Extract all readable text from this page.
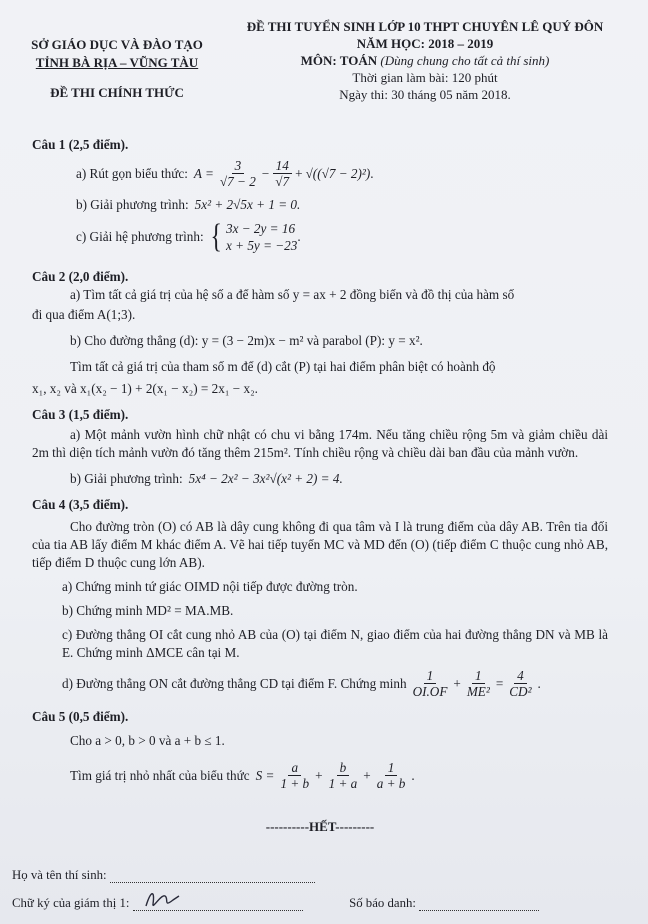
SỞ GIÁO DỤC VÀ ĐÀO TẠO
TỈNH BÀ RỊA – VŨNG TÀU
ĐỀ THI CHÍNH THỨC
ĐỀ THI TUYỂN SINH LỚP 10 THPT CHUYÊN LÊ QUÝ ĐÔN
NĂM HỌC: 2018 – 2019
MÔN: TOÁN (Dùng chung cho tất cả thí sinh)
Thời gian làm bài: 120 phút
Ngày thi: 30 tháng 05 năm 2018.

Câu 1 (2,5 điểm).

a) Rút gọn biểu thức: $A = \frac{3}{√7 - 2} - \frac{14}{√7} + √((√7 - 2)^2)$ .
b) Giải phương trình: 5x² + 2√5x + 1 = 0.
c) Giải hệ phương trình: { 3x − 2y = 16
x + 5y = −23
.

Câu 2 (2,0 điểm).

a) Tìm tất cả giá trị của hệ số a để hàm số y = ax + 2 đồng biến và đồ thị của hàm số

đi qua điểm A(1;3).

b) Cho đường thẳng (d): y = (3 − 2m)x − m² và parabol (P): y = x².

Tìm tất cả giá trị của tham số m để (d) cắt (P) tại hai điểm phân biệt có hoành độ

x₁, x₂ và x₁(x₂ − 1) + 2(x₁ − x₂) = 2x₁ − x₂.

Câu 3 (1,5 điểm).

a) Một mảnh vườn hình chữ nhật có chu vi bằng 174m. Nếu tăng chiều rộng 5m và giảm chiều dài 2m thì diện tích mảnh vườn đó tăng thêm 215m². Tính chiều rộng và chiều dài ban đầu của mảnh vườn.

b) Giải phương trình: 5x⁴ − 2x² − 3x²√(x² + 2) = 4.

Câu 4 (3,5 điểm).

Cho đường tròn (O) có AB là dây cung không đi qua tâm và I là trung điểm của dây AB. Trên tia đối của tia AB lấy điểm M khác điểm A. Vẽ hai tiếp tuyến MC và MD đến (O) (tiếp điểm C thuộc cung nhỏ AB, tiếp điểm D thuộc cung lớn AB).

a) Chứng minh tứ giác OIMD nội tiếp được đường tròn.

b) Chứng minh MD² = MA.MB.

c) Đường thẳng OI cắt cung nhỏ AB của (O) tại điểm N, giao điểm của hai đường thẳng DN và MB là E. Chứng minh ΔMCE cân tại M.

d) Đường thẳng ON cắt đường thẳng CD tại điểm F. Chứng minh $\frac{1}{OI.OF} + \frac{1}{\text{ME²}} = \frac{4}{\text{CD²}}$ .

Câu 5 (0,5 điểm).

Cho a > 0, b > 0 và a + b ≤ 1.

Tìm giá trị nhỏ nhất của biểu thức $S = \frac{a}{1 + b} + \frac{b}{1 + a} + \frac{1}{a + b}$ .
----------HẾT---------
Họ và tên thí sinh:
Chữ ký của giám thị 1:	Số báo danh:
